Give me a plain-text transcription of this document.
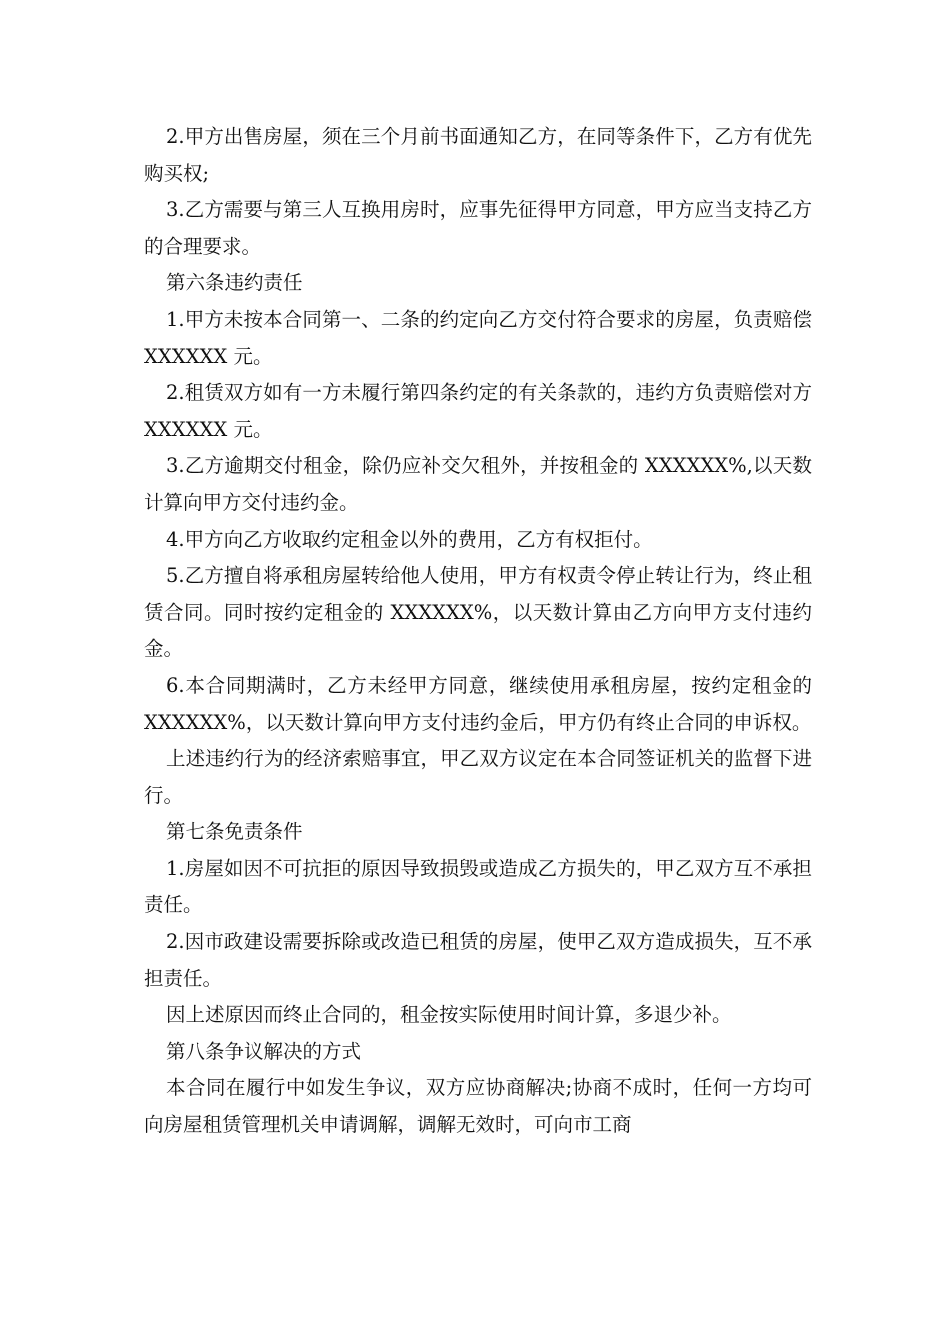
2.甲方出售房屋，须在三个月前书面通知乙方，在同等条件下，乙方有优先购买权;

3.乙方需要与第三人互换用房时，应事先征得甲方同意，甲方应当支持乙方的合理要求。

第六条违约责任

1.甲方未按本合同第一、二条的约定向乙方交付符合要求的房屋，负责赔偿 XXXXXX 元。

2.租赁双方如有一方未履行第四条约定的有关条款的，违约方负责赔偿对方 XXXXXX 元。

3.乙方逾期交付租金，除仍应补交欠租外，并按租金的 XXXXXX%,以天数计算向甲方交付违约金。

4.甲方向乙方收取约定租金以外的费用，乙方有权拒付。

5.乙方擅自将承租房屋转给他人使用，甲方有权责令停止转让行为，终止租赁合同。同时按约定租金的 XXXXXX%，以天数计算由乙方向甲方支付违约金。

6.本合同期满时，乙方未经甲方同意，继续使用承租房屋，按约定租金的 XXXXXX%，以天数计算向甲方支付违约金后，甲方仍有终止合同的申诉权。

上述违约行为的经济索赔事宜，甲乙双方议定在本合同签证机关的监督下进行。

第七条免责条件

1.房屋如因不可抗拒的原因导致损毁或造成乙方损失的，甲乙双方互不承担责任。

2.因市政建设需要拆除或改造已租赁的房屋，使甲乙双方造成损失，互不承担责任。

因上述原因而终止合同的，租金按实际使用时间计算，多退少补。

第八条争议解决的方式

本合同在履行中如发生争议，双方应协商解决;协商不成时，任何一方均可向房屋租赁管理机关申请调解，调解无效时，可向市工商
